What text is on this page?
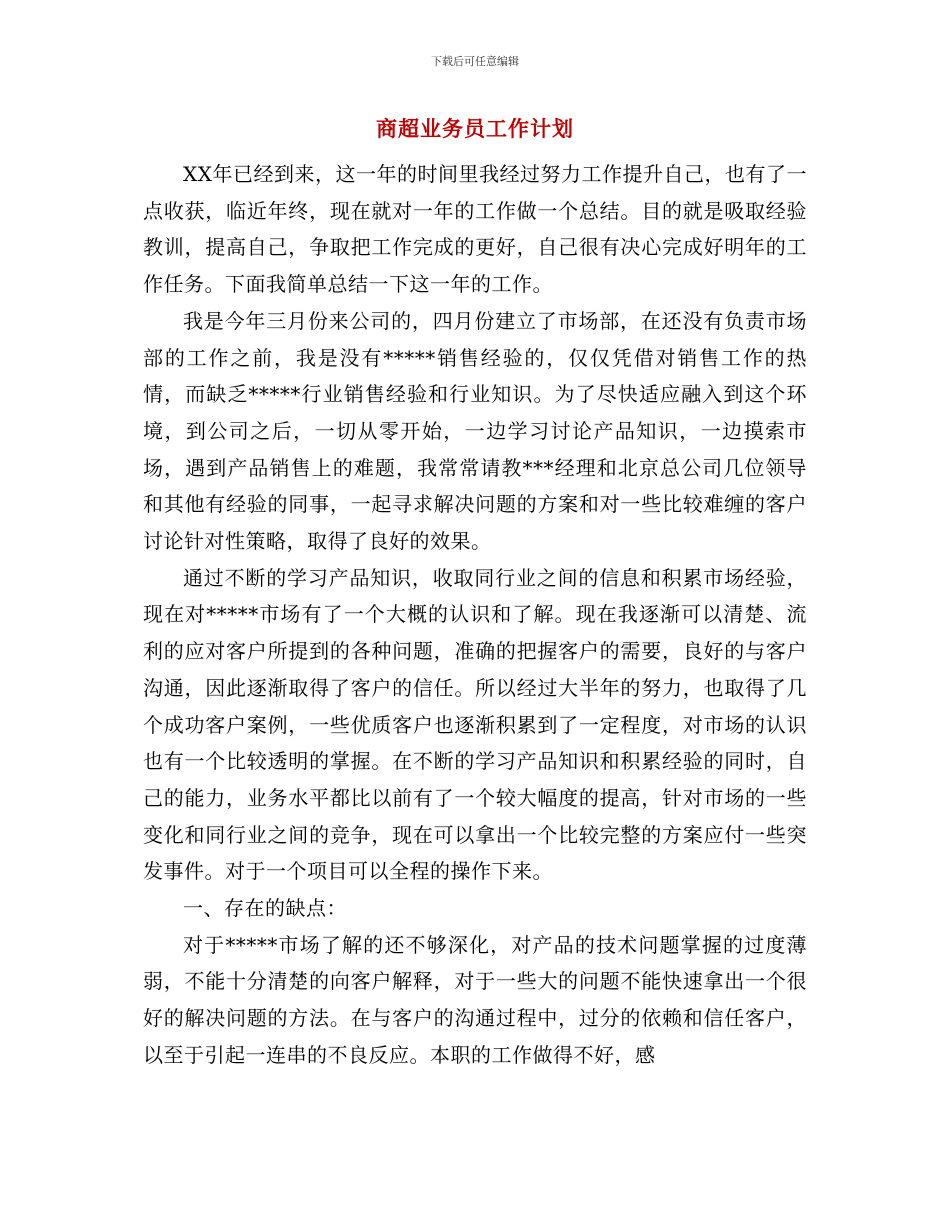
下载后可任意编辑
商超业务员工作计划

XX年已经到来，这一年的时间里我经过努力工作提升自己，也有了一点收获，临近年终，现在就对一年的工作做一个总结。目的就是吸取经验教训，提高自己，争取把工作完成的更好，自己很有决心完成好明年的工作任务。下面我简单总结一下这一年的工作。

我是今年三月份来公司的，四月份建立了市场部，在还没有负责市场部的工作之前，我是没有*****销售经验的，仅仅凭借对销售工作的热情，而缺乏*****行业销售经验和行业知识。为了尽快适应融入到这个环境，到公司之后，一切从零开始，一边学习讨论产品知识，一边摸索市场，遇到产品销售上的难题，我常常请教***经理和北京总公司几位领导和其他有经验的同事，一起寻求解决问题的方案和对一些比较难缠的客户讨论针对性策略，取得了良好的效果。

通过不断的学习产品知识，收取同行业之间的信息和积累市场经验，现在对*****市场有了一个大概的认识和了解。现在我逐渐可以清楚、流利的应对客户所提到的各种问题，准确的把握客户的需要，良好的与客户沟通，因此逐渐取得了客户的信任。所以经过大半年的努力，也取得了几个成功客户案例，一些优质客户也逐渐积累到了一定程度，对市场的认识也有一个比较透明的掌握。在不断的学习产品知识和积累经验的同时，自己的能力，业务水平都比以前有了一个较大幅度的提高，针对市场的一些变化和同行业之间的竞争，现在可以拿出一个比较完整的方案应付一些突发事件。对于一个项目可以全程的操作下来。

一、存在的缺点：

对于*****市场了解的还不够深化，对产品的技术问题掌握的过度薄弱，不能十分清楚的向客户解释，对于一些大的问题不能快速拿出一个很好的解决问题的方法。在与客户的沟通过程中，过分的依赖和信任客户，以至于引起一连串的不良反应。本职的工作做得不好，感
